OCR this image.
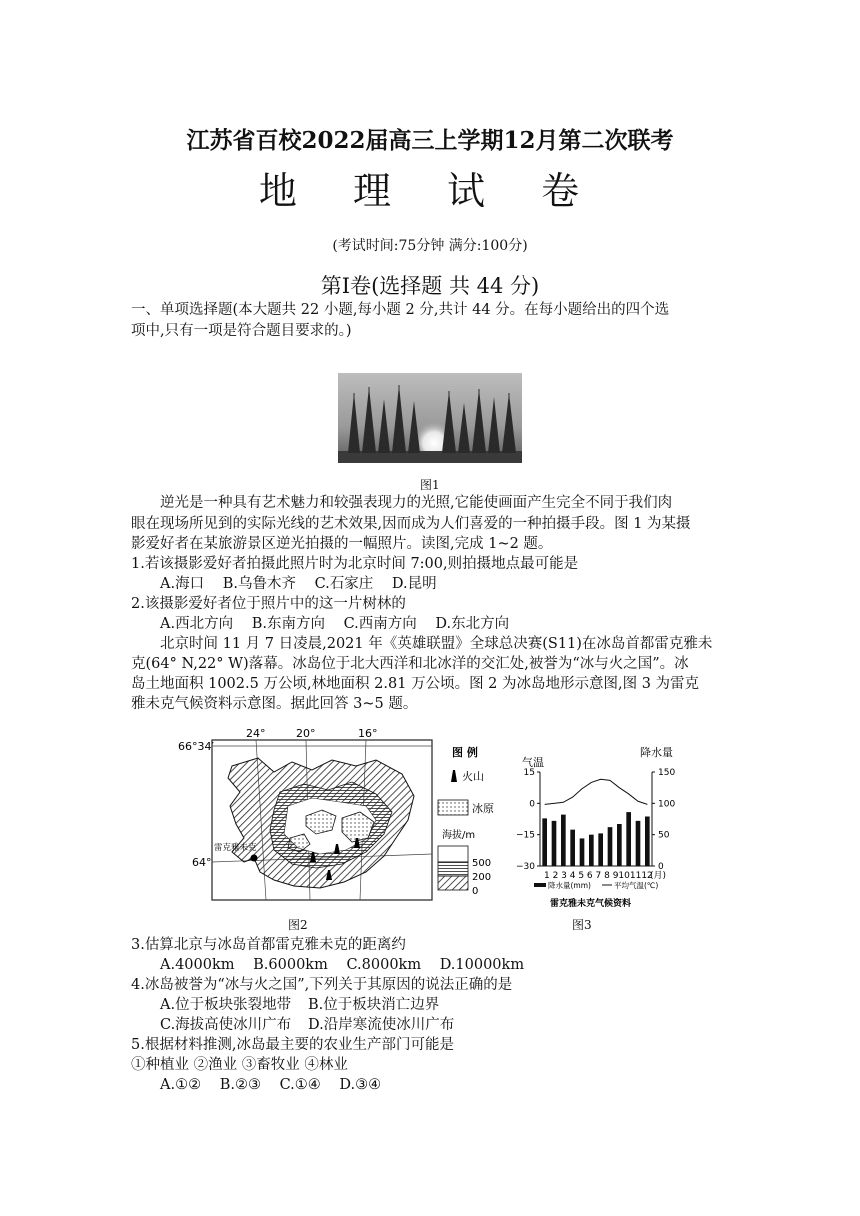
江苏省百校2022届高三上学期12月第二次联考
地 理 试 卷
(考试时间:75分钟 满分:100分)
第Ⅰ卷(选择题 共 44 分)
一、单项选择题(本大题共 22 小题,每小题 2 分,共计 44 分。在每小题给出的四个选
项中,只有一项是符合题目要求的。)
图1
逆光是一种具有艺术魅力和较强表现力的光照,它能使画面产生完全不同于我们肉
眼在现场所见到的实际光线的艺术效果,因而成为人们喜爱的一种拍摄手段。图 1 为某摄
影爱好者在某旅游景区逆光拍摄的一幅照片。读图,完成 1~2 题。
1.若该摄影爱好者拍摄此照片时为北京时间 7:00,则拍摄地点最可能是
A.海口 B.乌鲁木齐 C.石家庄 D.昆明
2.该摄影爱好者位于照片中的这一片树林的
A.西北方向 B.东南方向 C.西南方向 D.东北方向
北京时间 11 月 7 日凌晨,2021 年《英雄联盟》全球总决赛(S11)在冰岛首都雷克雅未
克(64° N,22° W)落幕。冰岛位于北大西洋和北冰洋的交汇处,被誉为“冰与火之国”。冰
岛土地面积 1002.5 万公顷,林地面积 2.81 万公顷。图 2 为冰岛地形示意图,图 3 为雷克
雅未克气候资料示意图。据此回答 3~5 题。
66°34′
64°
24°	20°	16°
雷克雅未克
图 例
火山
冰原
海拔/m
500
200
0
图2
气温
降水量
15
0
−15
−30
150
100
50
0
1 2 3 4 5 6 7 8 9101112
(月)
降水量(mm)	平均气温(℃)
雷克雅未克气候资料
图3
3.估算北京与冰岛首都雷克雅未克的距离约
A.4000km B.6000km C.8000km D.10000km
4.冰岛被誉为“冰与火之国”,下列关于其原因的说法正确的是
A.位于板块张裂地带 B.位于板块消亡边界
C.海拔高使冰川广布 D.沿岸寒流使冰川广布
5.根据材料推测,冰岛最主要的农业生产部门可能是
①种植业 ②渔业 ③畜牧业 ④林业
A.①② B.②③ C.①④ D.③④
